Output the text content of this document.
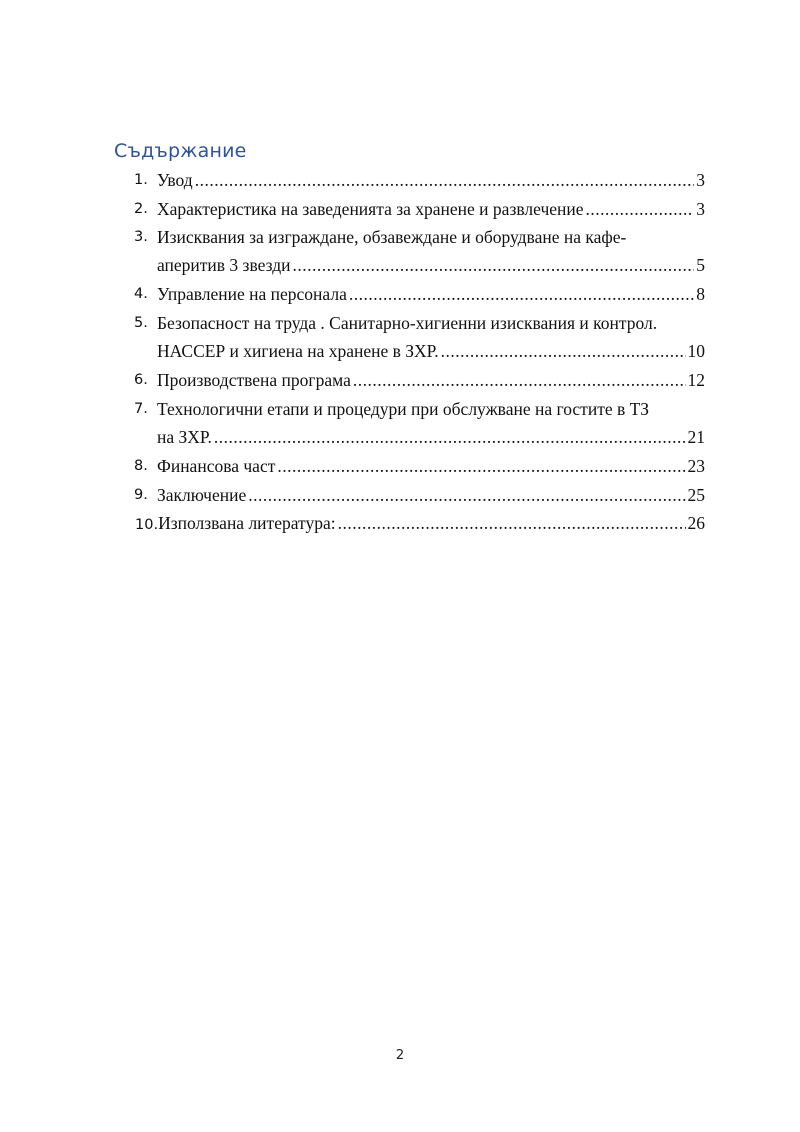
Съдържание
1. Увод .....	3
2. Характеристика на заведенията за хранене и развлечение .....	3
3. Изисквания за изграждане, обзавеждане и оборудване на кафе-
аперитив 3 звезди .....	5
4. Управление на персонала .....	8
5. Безопасност на труда . Санитарно-хигиенни изисквания и контрол.
НАССЕР и хигиена на хранене в ЗХР. .....	10
6. Производствена програма .....	12
7. Технологични етапи и процедури при обслужване на гостите в ТЗ
на ЗХР. .....	21
8. Финансова част .....	23
9. Заключение .....	25
10. Използвана литература: .....	26
2
